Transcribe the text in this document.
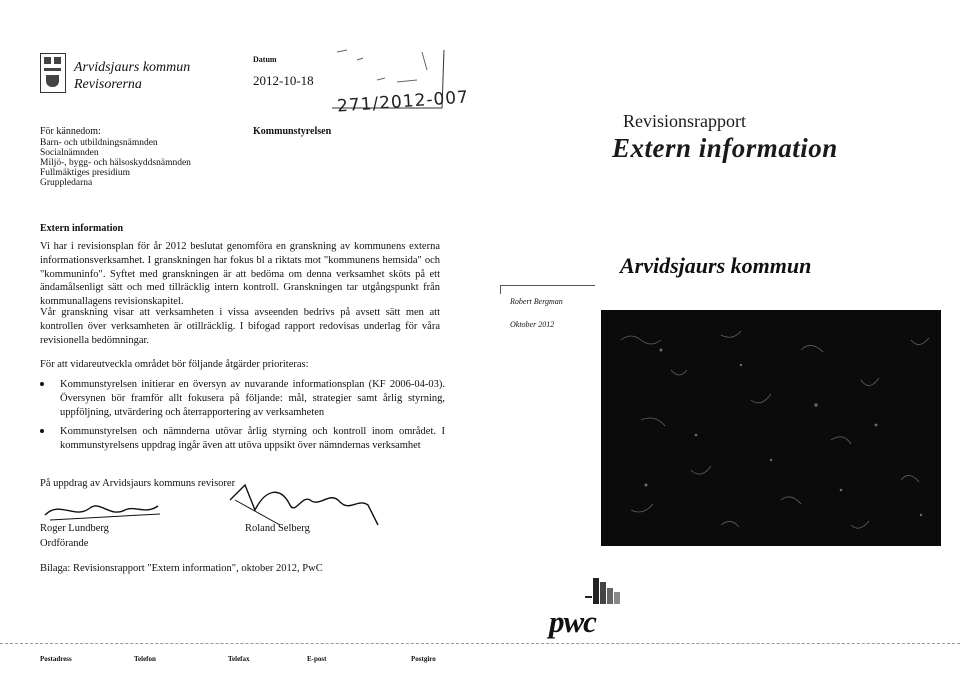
Arvidsjaurs kommun
Revisorerna
Datum
2012-10-18
271/2012-007
Kommunstyrelsen
För kännedom:
Barn- och utbildningsnämnden
Socialnämnden
Miljö-, bygg- och hälsoskyddsnämnden
Fullmäktiges presidium
Gruppledarna
Extern information
Vi har i revisionsplan för år 2012 beslutat genomföra en granskning av kommunens externa informationsverksamhet. I granskningen har fokus bl a riktats mot "kommunens hemsida" och "kommuninfo". Syftet med granskningen är att bedöma om denna verksamhet sköts på ett ändamålsenligt sätt och med tillräcklig intern kontroll. Granskningen tar utgångspunkt från kommunallagens revisionskapitel.
Vår granskning visar att verksamheten i vissa avseenden bedrivs på avsett sätt men att kontrollen över verksamheten är otillräcklig. I bifogad rapport redovisas underlag för våra revisionella bedömningar.
För att vidareutveckla området bör följande åtgärder prioriteras:
Kommunstyrelsen initierar en översyn av nuvarande informationsplan (KF 2006-04-03). Översynen bör framför allt fokusera på följande: mål, strategier samt årlig styrning, uppföljning, utvärdering och återrapportering av verksamheten
Kommunstyrelsen och nämnderna utövar årlig styrning och kontroll inom området. I kommunstyrelsens uppdrag ingår även att utöva uppsikt över nämndernas verksamhet
På uppdrag av Arvidsjaurs kommuns revisorer
Roger Lundberg
Ordförande
Roland Selberg
Bilaga: Revisionsrapport "Extern information", oktober 2012, PwC
Postadress	Telefon	Telefax	E-post	Postgiro
Revisionsrapport
Extern information
Arvidsjaurs kommun
Robert Bergman
Oktober 2012
pwc
